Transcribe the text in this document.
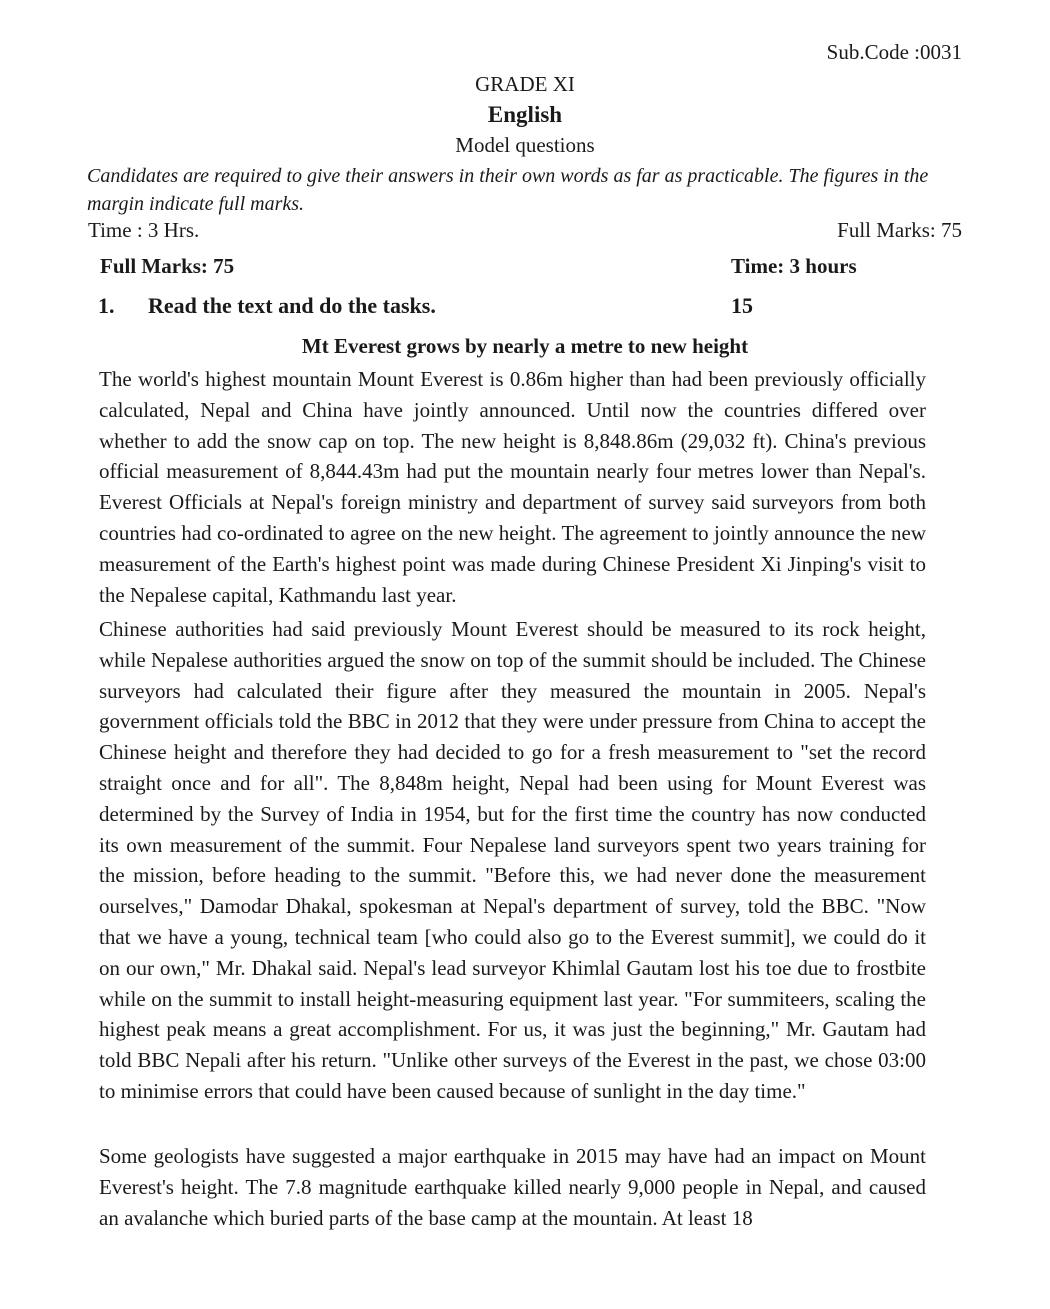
Sub.Code :0031
GRADE XI
English
Model questions
Candidates are required to give their answers in their own words as far as practicable. The figures in the margin indicate full marks.
Time : 3 Hrs.	Full Marks: 75
Full Marks: 75	Time: 3 hours
1. Read the text and do the tasks.	15
Mt Everest grows by nearly a metre to new height

The world's highest mountain Mount Everest is 0.86m higher than had been previously officially calculated, Nepal and China have jointly announced. Until now the countries differed over whether to add the snow cap on top. The new height is 8,848.86m (29,032 ft). China's previous official measurement of 8,844.43m had put the mountain nearly four metres lower than Nepal's. Everest Officials at Nepal's foreign ministry and department of survey said surveyors from both countries had co-ordinated to agree on the new height. The agreement to jointly announce the new measurement of the Earth's highest point was made during Chinese President Xi Jinping's visit to the Nepalese capital, Kathmandu last year.

Chinese authorities had said previously Mount Everest should be measured to its rock height, while Nepalese authorities argued the snow on top of the summit should be included. The Chinese surveyors had calculated their figure after they measured the mountain in 2005. Nepal's government officials told the BBC in 2012 that they were under pressure from China to accept the Chinese height and therefore they had decided to go for a fresh measurement to "set the record straight once and for all". The 8,848m height, Nepal had been using for Mount Everest was determined by the Survey of India in 1954, but for the first time the country has now conducted its own measurement of the summit. Four Nepalese land surveyors spent two years training for the mission, before heading to the summit. "Before this, we had never done the measurement ourselves," Damodar Dhakal, spokesman at Nepal's department of survey, told the BBC. "Now that we have a young, technical team [who could also go to the Everest summit], we could do it on our own," Mr. Dhakal said. Nepal's lead surveyor Khimlal Gautam lost his toe due to frostbite while on the summit to install height-measuring equipment last year. "For summiteers, scaling the highest peak means a great accomplishment. For us, it was just the beginning," Mr. Gautam had told BBC Nepali after his return. "Unlike other surveys of the Everest in the past, we chose 03:00 to minimise errors that could have been caused because of sunlight in the day time."

Some geologists have suggested a major earthquake in 2015 may have had an impact on Mount Everest's height. The 7.8 magnitude earthquake killed nearly 9,000 people in Nepal, and caused an avalanche which buried parts of the base camp at the mountain. At least 18
